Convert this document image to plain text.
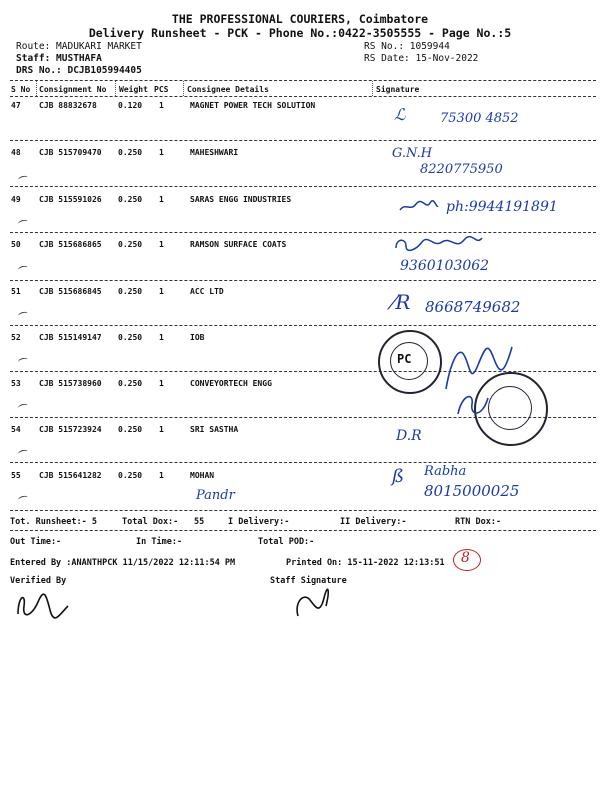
THE PROFESSIONAL COURIERS, Coimbatore
Delivery Runsheet - PCK - Phone No.:0422-3505555 - Page No.:5
Route: MADUKARI MARKET
Staff: MUSTHAFA
DRS No.: DCJB105994405
RS No.: 1059944
RS Date: 15-Nov-2022
S No Consignment No Weight PCS Consignee Details	Signature
47 CJB 88832678	0.120 1	MAGNET POWER TECH SOLUTION	ℒ	75300 4852
48 CJB 515709470 0.250 1	MAHESHWARI	G.N.H
8220775950
49 CJB 515591026 0.250 1	SARAS ENGG INDUSTRIES	ph:9944191891
50 CJB 515686865 0.250 1	RAMSON SURFACE COATS
9360103062
51 CJB 515686845 0.250 1	ACC LTD	⁄R 8668749682
52 CJB 515149147 0.250 1	IOB
PC
53 CJB 515738960 0.250 1	CONVEYORTECH ENGG
54 CJB 515723924 0.250 1	SRI SASTHA	D.R
55 CJB 515641282 0.250 1	MOHAN
Pandr
ß Rabha
8015000025
Tot. Runsheet:- 5	Total Dox:- 55	I Delivery:-	II Delivery:-	RTN Dox:-
Out Time:-	In Time:-	Total POD:-
Entered By :ANANTHPCK 11/15/2022 12:11:54 PM	Printed On: 15-11-2022 12:13:51 8
Verified By	Staff Signature
